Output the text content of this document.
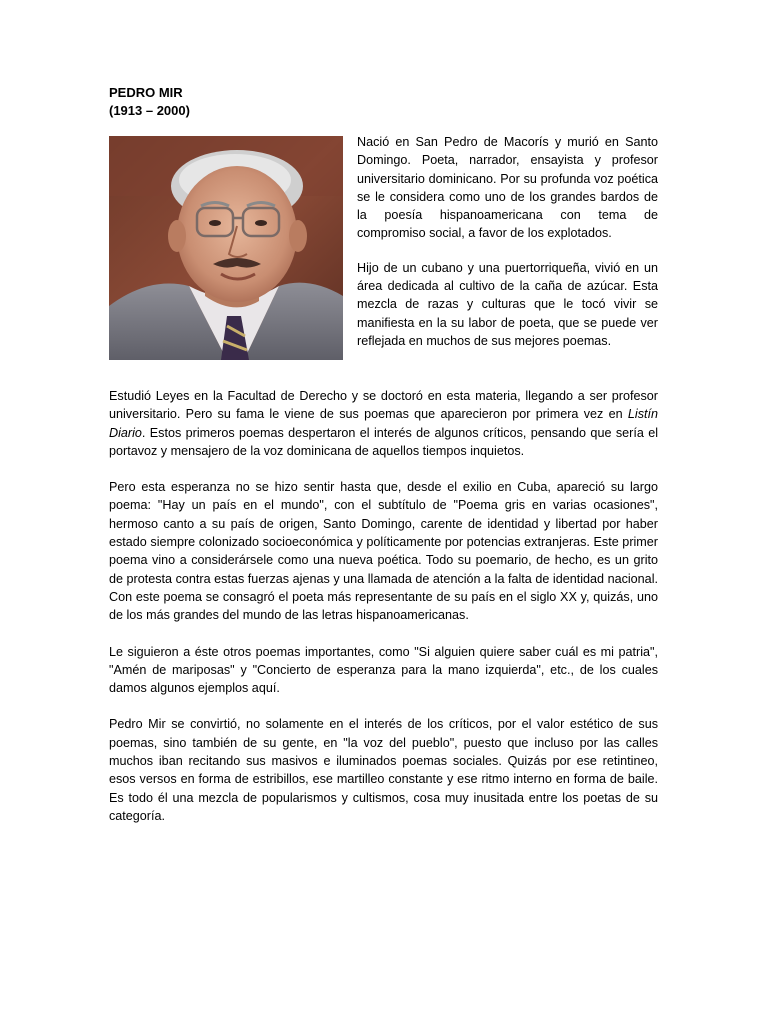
PEDRO MIR

(1913 – 2000)

Nació en San Pedro de Macorís y murió en Santo Domingo. Poeta, narrador, ensayista y profesor universitario dominicano. Por su profunda voz poética se le considera como uno de los grandes bardos de la poesía hispanoamericana con tema de compromiso social, a favor de los explotados.

Hijo de un cubano y una puertorriqueña, vivió en un área dedicada al cultivo de la caña de azúcar. Esta mezcla de razas y culturas que le tocó vivir se manifiesta en la su labor de poeta, que se puede ver reflejada en muchos de sus mejores poemas.

Estudió Leyes en la Facultad de Derecho y se doctoró en esta materia, llegando a ser profesor universitario. Pero su fama le viene de sus poemas que aparecieron por primera vez en Listín Diario. Estos primeros poemas despertaron el interés de algunos críticos, pensando que sería el portavoz y mensajero de la voz dominicana de aquellos tiempos inquietos.

Pero esta esperanza no se hizo sentir hasta que, desde el exilio en Cuba, apareció su largo poema: "Hay un país en el mundo", con el subtítulo de "Poema gris en varias ocasiones", hermoso canto a su país de origen, Santo Domingo, carente de identidad y libertad por haber estado siempre colonizado socioeconómica y políticamente por potencias extranjeras. Este primer poema vino a considerársele como una nueva poética. Todo su poemario, de hecho, es un grito de protesta contra estas fuerzas ajenas y una llamada de atención a la falta de identidad nacional. Con este poema se consagró el poeta más representante de su país en el siglo XX y, quizás, uno de los más grandes del mundo de las letras hispanoamericanas.

Le siguieron a éste otros poemas importantes, como "Si alguien quiere saber cuál es mi patria", "Amén de mariposas" y "Concierto de esperanza para la mano izquierda", etc., de los cuales damos algunos ejemplos aquí.

Pedro Mir se convirtió, no solamente en el interés de los críticos, por el valor estético de sus poemas, sino también de su gente, en "la voz del pueblo", puesto que incluso por las calles muchos iban recitando sus masivos e iluminados poemas sociales. Quizás por ese retintineo, esos versos en forma de estribillos, ese martilleo constante y ese ritmo interno en forma de baile. Es todo él una mezcla de popularismos y cultismos, cosa muy inusitada entre los poetas de su categoría.
